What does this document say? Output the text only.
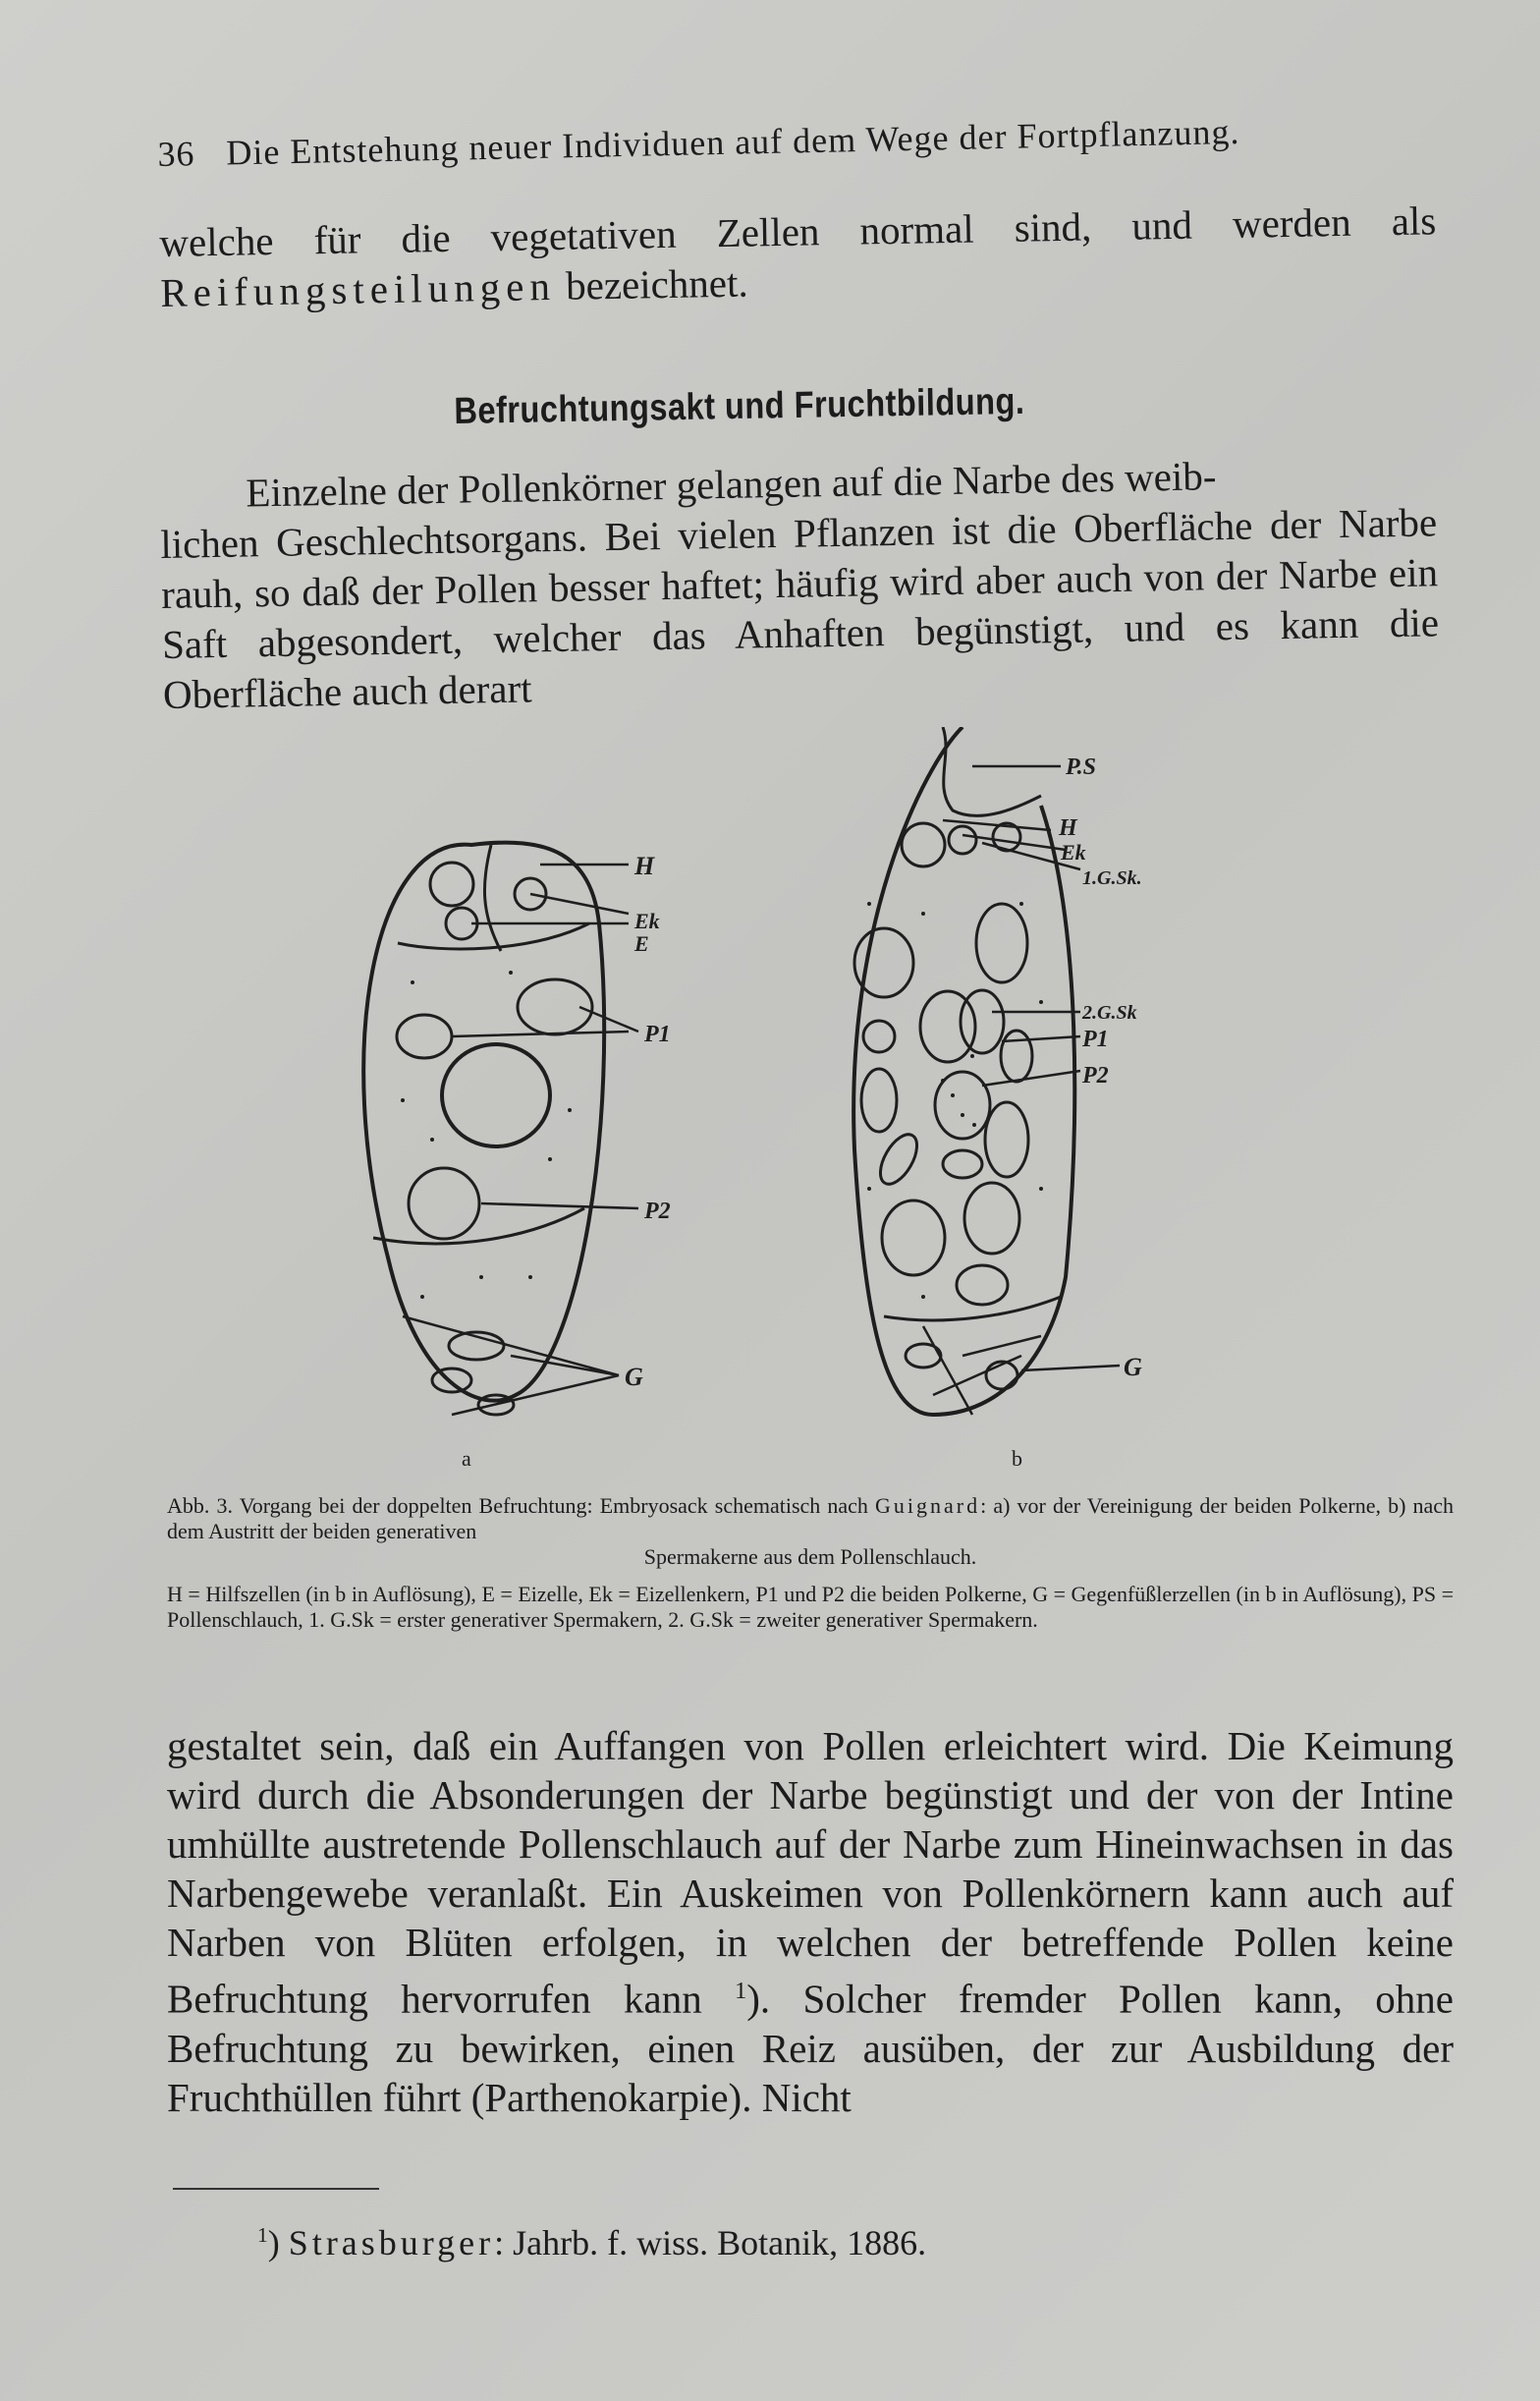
36 Die Entstehung neuer Individuen auf dem Wege der Fortpflanzung.

welche für die vegetativen Zellen normal sind, und werden als Reifungsteilungen bezeichnet.

Befruchtungsakt und Fruchtbildung.

Einzelne der Pollenkörner gelangen auf die Narbe des weib-
lichen Geschlechtsorgans. Bei vielen Pflanzen ist die Oberfläche der Narbe rauh, so daß der Pollen besser haftet; häufig wird aber auch von der Narbe ein Saft abgesondert, welcher das Anhaften begünstigt, und es kann die Oberfläche auch derart

H
Ek
E
P1
P2
G
a
P.S
H
Ek
1.G.Sk.
2.G.Sk
P1
P2
G
b
Abb. 3. Vorgang bei der doppelten Befruchtung: Embryosack schematisch nach Guignard: a) vor der Vereinigung der beiden Polkerne, b) nach dem Austritt der beiden generativen
Spermakerne aus dem Pollenschlauch.
H = Hilfszellen (in b in Auflösung), E = Eizelle, Ek = Eizellenkern, P1 und P2 die beiden Polkerne, G = Gegenfüßlerzellen (in b in Auflösung), PS = Pollenschlauch, 1. G.Sk = erster generativer Spermakern, 2. G.Sk = zweiter generativer Spermakern.

gestaltet sein, daß ein Auffangen von Pollen erleichtert wird. Die Keimung wird durch die Absonderungen der Narbe begünstigt und der von der Intine umhüllte austretende Pollenschlauch auf der Narbe zum Hineinwachsen in das Narbengewebe veranlaßt. Ein Auskeimen von Pollenkörnern kann auch auf Narben von Blüten erfolgen, in welchen der betreffende Pollen keine Befruchtung hervorrufen kann $^1$). Solcher fremder Pollen kann, ohne Befruchtung zu bewirken, einen Reiz ausüben, der zur Ausbildung der Fruchthüllen führt (Parthenokarpie). Nicht

$^1$) Strasburger: Jahrb. f. wiss. Botanik, 1886.
